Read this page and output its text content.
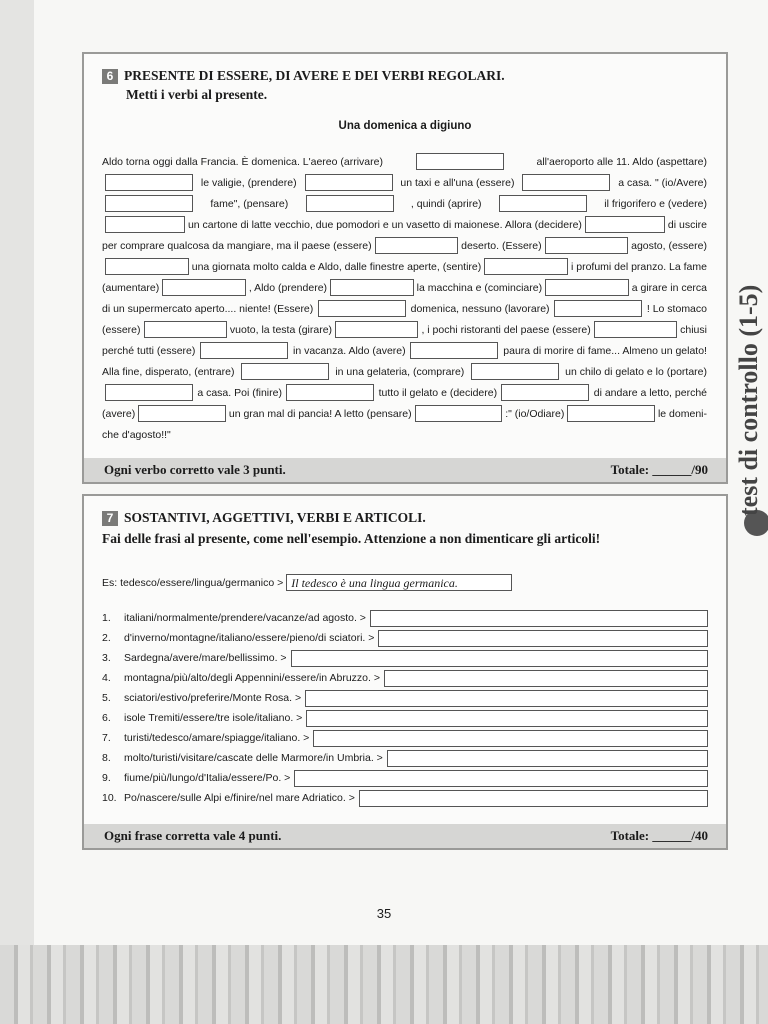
6 PRESENTE DI ESSERE, DI AVERE E DEI VERBI REGOLARI.
Metti i verbi al presente.
Una domenica a digiuno
Aldo torna oggi dalla Francia. È domenica. L'aereo (arrivare)	all'aeroporto alle 11. Aldo (aspettare)
le valigie, (prendere)	un taxi e all'una (essere)	a casa. " (io/Avere)
fame", (pensare)	, quindi (aprire)	il frigorifero e (vedere)
un cartone di latte vecchio, due pomodori e un vasetto di maionese. Allora (decidere)	di uscire
per comprare qualcosa da mangiare, ma il paese (essere)	deserto. (Essere)	agosto, (essere)
una giornata molto calda e Aldo, dalle finestre aperte, (sentire)	i profumi del pranzo. La fame
(aumentare)	, Aldo (prendere)	la macchina e (cominciare)	a girare in cerca
di un supermercato aperto.... niente! (Essere)	domenica, nessuno (lavorare)	! Lo stomaco
(essere)	vuoto, la testa (girare)	, i pochi ristoranti del paese (essere)	chiusi
perché tutti (essere)	in vacanza. Aldo (avere)	paura di morire di fame... Almeno un gelato!
Alla fine, disperato, (entrare)	in una gelateria, (comprare)	un chilo di gelato e lo (portare)
a casa. Poi (finire)	tutto il gelato e (decidere)	di andare a letto, perché
(avere)	un gran mal di pancia! A letto (pensare)	:" (io/Odiare)	le domeni-
che d'agosto!!"
Ogni verbo corretto vale 3 punti.	Totale: ______/90
7 SOSTANTIVI, AGGETTIVI, VERBI E ARTICOLI.
Fai delle frasi al presente, come nell'esempio. Attenzione a non dimenticare gli articoli!
Es: tedesco/essere/lingua/germanico > Il tedesco è una lingua germanica.
1.	italiani/normalmente/prendere/vacanze/ad agosto. >
2.	d'inverno/montagne/italiano/essere/pieno/di sciatori. >
3.	Sardegna/avere/mare/bellissimo. >
4.	montagna/più/alto/degli Appennini/essere/in Abruzzo. >
5.	sciatori/estivo/preferire/Monte Rosa. >
6.	isole Tremiti/essere/tre isole/italiano. >
7.	turisti/tedesco/amare/spiagge/italiano. >
8.	molto/turisti/visitare/cascate delle Marmore/in Umbria. >
9.	fiume/più/lungo/d'Italia/essere/Po. >
10. Po/nascere/sulle Alpi e/finire/nel mare Adriatico. >
Ogni frase corretta vale 4 punti.	Totale: ______/40
test di controllo (1-5)
35
